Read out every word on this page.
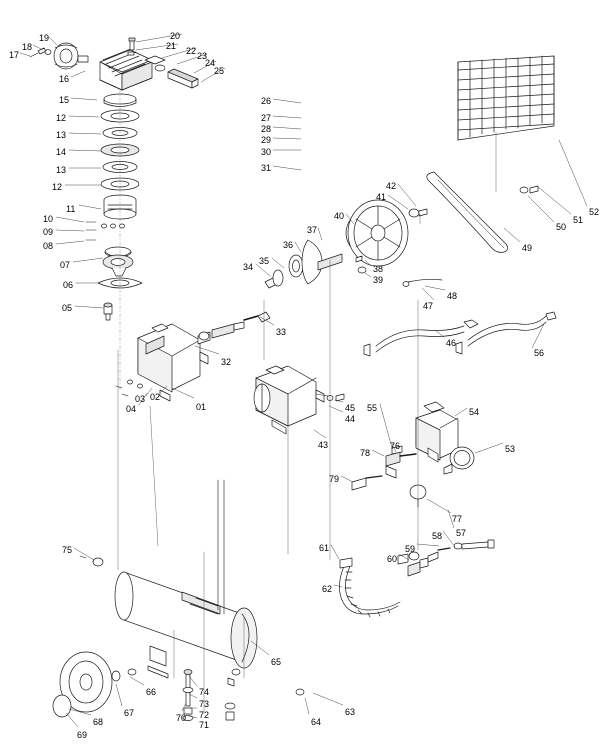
17
18
19
16
15
12
13
14
13
12
11
10
09
08
07
06
05
04
03 02
01
20
21 22 23
24
25
26
27
28
29
30
31
32
33
34
35
36
37
38
39
40
41
42
43
44
45
46
47
48
49
50
51
52
53
54
55
56
57
58
59
60
61
62
63
64
65
66
67
68
69
70
71
72
73
74
75
76
77
78
79
